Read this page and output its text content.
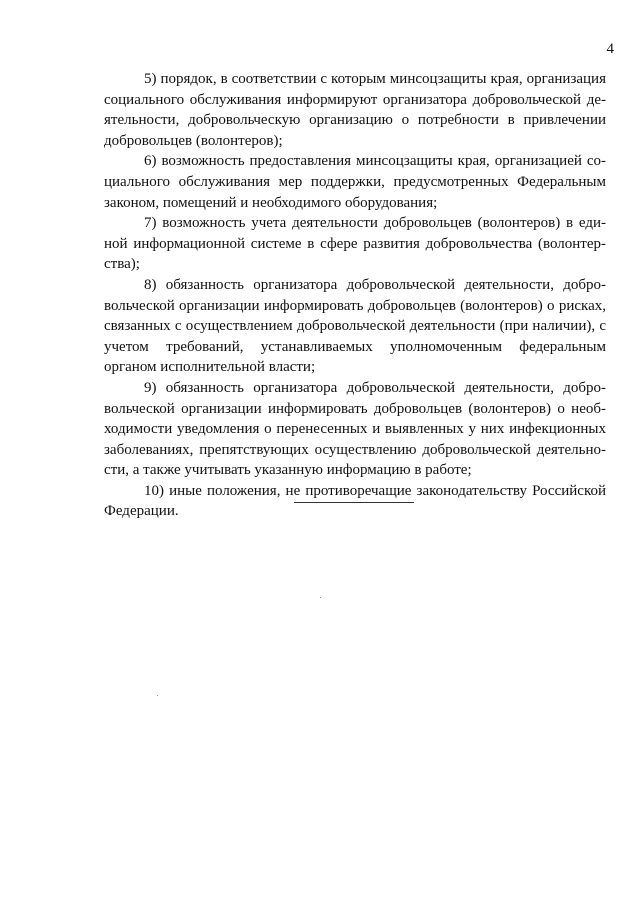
4

5) порядок, в соответствии с которым минсоцзащиты края, организация социального обслуживания информируют организатора добровольческой деятельности, добровольческую организацию о потребности в привлечении добровольцев (волонтеров);

6) возможность предоставления минсоцзащиты края, организацией социального обслуживания мер поддержки, предусмотренных Федеральным законом, помещений и необходимого оборудования;

7) возможность учета деятельности добровольцев (волонтеров) в единой информационной системе в сфере развития добровольчества (волонтерства);

8) обязанность организатора добровольческой деятельности, добровольческой организации информировать добровольцев (волонтеров) о рисках, связанных с осуществлением добровольческой деятельности (при наличии), с учетом требований, устанавливаемых уполномоченным федеральным органом исполнительной власти;

9) обязанность организатора добровольческой деятельности, добровольческой организации информировать добровольцев (волонтеров) о необходимости уведомления о перенесенных и выявленных у них инфекционных заболеваниях, препятствующих осуществлению добровольческой деятельности, а также учитывать указанную информацию в работе;

10) иные положения, не противоречащие законодательству Российской Федерации.
